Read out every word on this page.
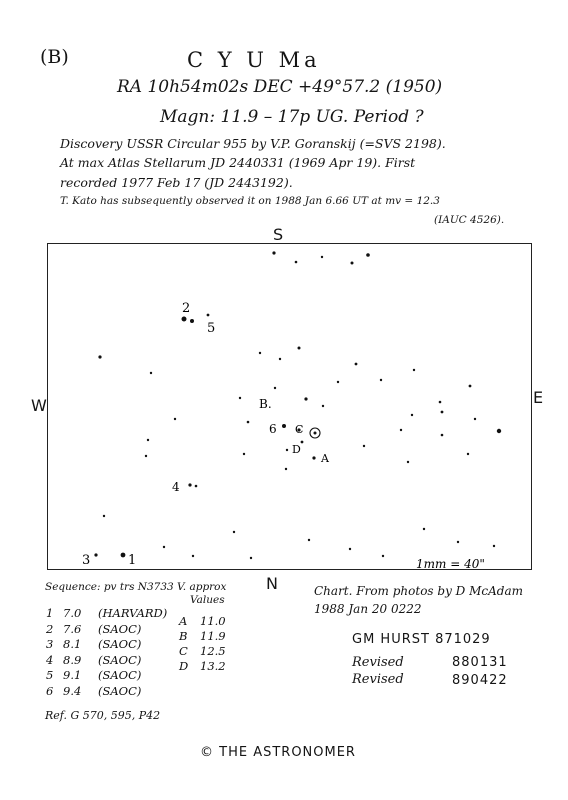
(B)	C Y U Ma
RA 10h54m02s DEC +49°57.2 (1950)
Magn: 11.9 – 17p UG. Period ?
Discovery USSR Circular 955 by V.P. Goranskij (=SVS 2198).
At max Atlas Stellarum JD 2440331 (1969 Apr 19). First
recorded 1977 Feb 17 (JD 2443192).
T. Kato has subsequently observed it on 1988 Jan 6.66 UT at mv = 12.3
(IAUC 4526).
S
N
W	E
2
5
B.
6 C
D
A
4
3	1	1mm = 40"
Sequence: pv trs N3733 V. approx
Values
1 7.0 (HARVARD)
2 7.6 (SAOC)
3 8.1 (SAOC)
4 8.9 (SAOC)
5 9.1 (SAOC)
6 9.4 (SAOC)
A 11.0
B 11.9
C 12.5
D 13.2
Chart. From photos by D McAdam
1988 Jan 20 0222
GM HURST 871029
Revised	880131
Revised	890422
Ref. G 570, 595, P42
© THE ASTRONOMER
